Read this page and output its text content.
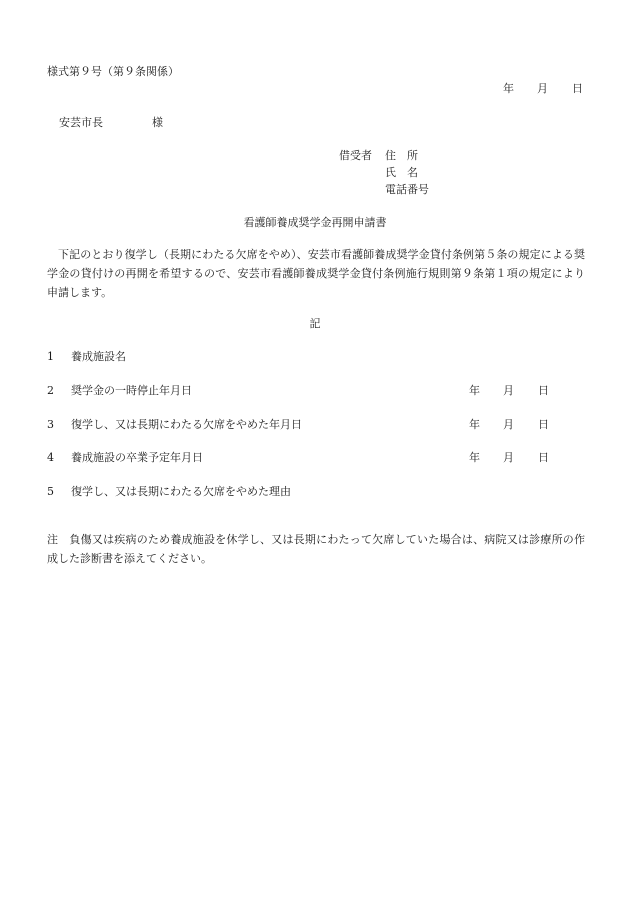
様式第９号（第９条関係）
年 月 日
安芸市長	様
借受者 住　所
氏　名
電話番号
看護師養成奨学金再開申請書
下記のとおり復学し（長期にわたる欠席をやめ）、安芸市看護師養成奨学金貸付条例第５条の規定による奨学金の貸付けの再開を希望するので、安芸市看護師養成奨学金貸付条例施行規則第９条第１項の規定により申請します。
記
1 養成施設名
2 奨学金の一時停止年月日	年 月 日
3 復学し、又は長期にわたる欠席をやめた年月日	年 月 日
4 養成施設の卒業予定年月日	年 月 日
5 復学し、又は長期にわたる欠席をやめた理由
注　負傷又は疾病のため養成施設を休学し、又は長期にわたって欠席していた場合は、病院又は診療所の作成した診断書を添えてください。
